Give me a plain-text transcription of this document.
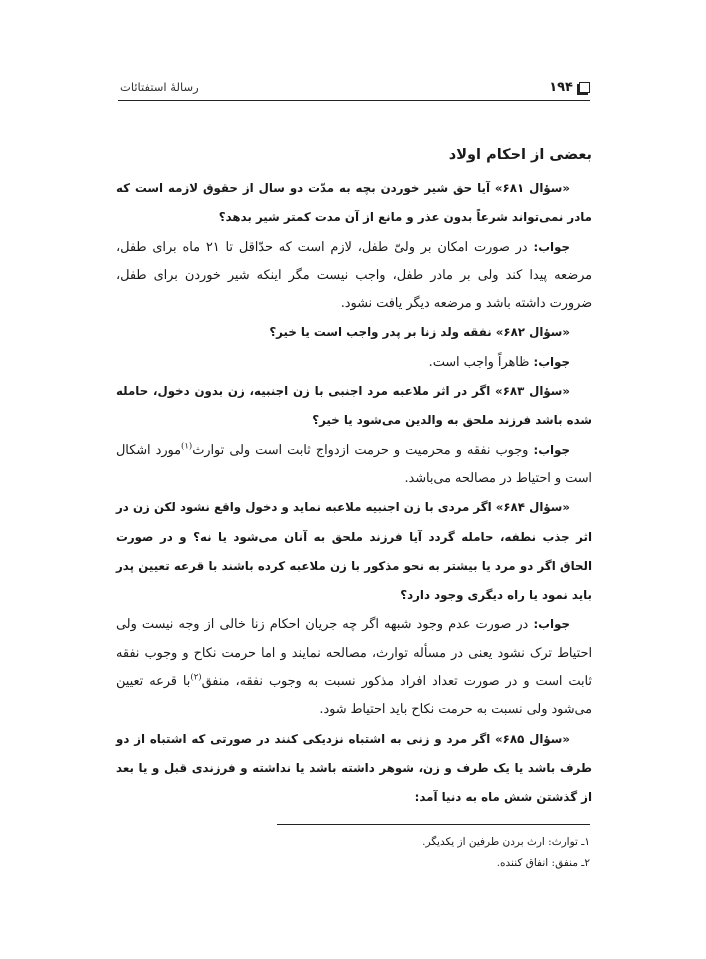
۱۹۴
رسالهٔ استفتائات
بعضی از احکام اولاد

«سؤال ۶۸۱» آیا حق شیر خوردن بچه به مدّت دو سال از حقوق لازمه است که مادر نمی‌تواند شرعاً بدون عذر و مانع از آن مدت کمتر شیر بدهد؟

جواب: در صورت امکان بر ولیّ طفل، لازم است که حدّاقل تا ۲۱ ماه برای طفل، مرضعه پیدا کند ولی بر مادر طفل، واجب نیست مگر اینکه شیر خوردن برای طفل، ضرورت داشته باشد و مرضعه دیگر یافت نشود.

«سؤال ۶۸۲» نفقه ولد زنا بر پدر واجب است یا خیر؟

جواب: ظاهراً واجب است.

«سؤال ۶۸۳» اگر در اثر ملاعبه مرد اجنبی با زن اجنبیه، زن بدون دخول، حامله شده باشد فرزند ملحق به والدین می‌شود یا خیر؟

جواب: وجوب نفقه و محرمیت و حرمت ازدواج ثابت است ولی توارث$^{(۱)}$مورد اشکال است و احتیاط در مصالحه می‌باشد.

«سؤال ۶۸۴» اگر مردی با زن اجنبیه ملاعبه نماید و دخول واقع نشود لکن زن در اثر جذب نطفه، حامله گردد آیا فرزند ملحق به آنان می‌شود یا نه؟ و در صورت الحاق اگر دو مرد یا بیشتر به نحو مذکور با زن ملاعبه کرده باشند با قرعه تعیین پدر باید نمود یا راه دیگری وجود دارد؟

جواب: در صورت عدم وجود شبهه اگر چه جریان احکام زنا خالی از وجه نیست ولی احتیاط ترک نشود یعنی در مسأله توارث، مصالحه نمایند و اما حرمت نکاح و وجوب نفقه ثابت است و در صورت تعداد افراد مذکور نسبت به وجوب نفقه، منفق$^{(۲)}$با قرعه تعیین می‌شود ولی نسبت به حرمت نکاح باید احتیاط شود.

«سؤال ۶۸۵» اگر مرد و زنی به اشتباه نزدیکی کنند در صورتی که اشتباه از دو طرف باشد یا یک طرف و زن، شوهر داشته باشد یا نداشته و فرزندی قبل و یا بعد از گذشتن شش ماه به دنیا آمد:

۱ـ توارث: ارث بردن طرفین از یکدیگر.
۲ـ منفق: انفاق کننده.
